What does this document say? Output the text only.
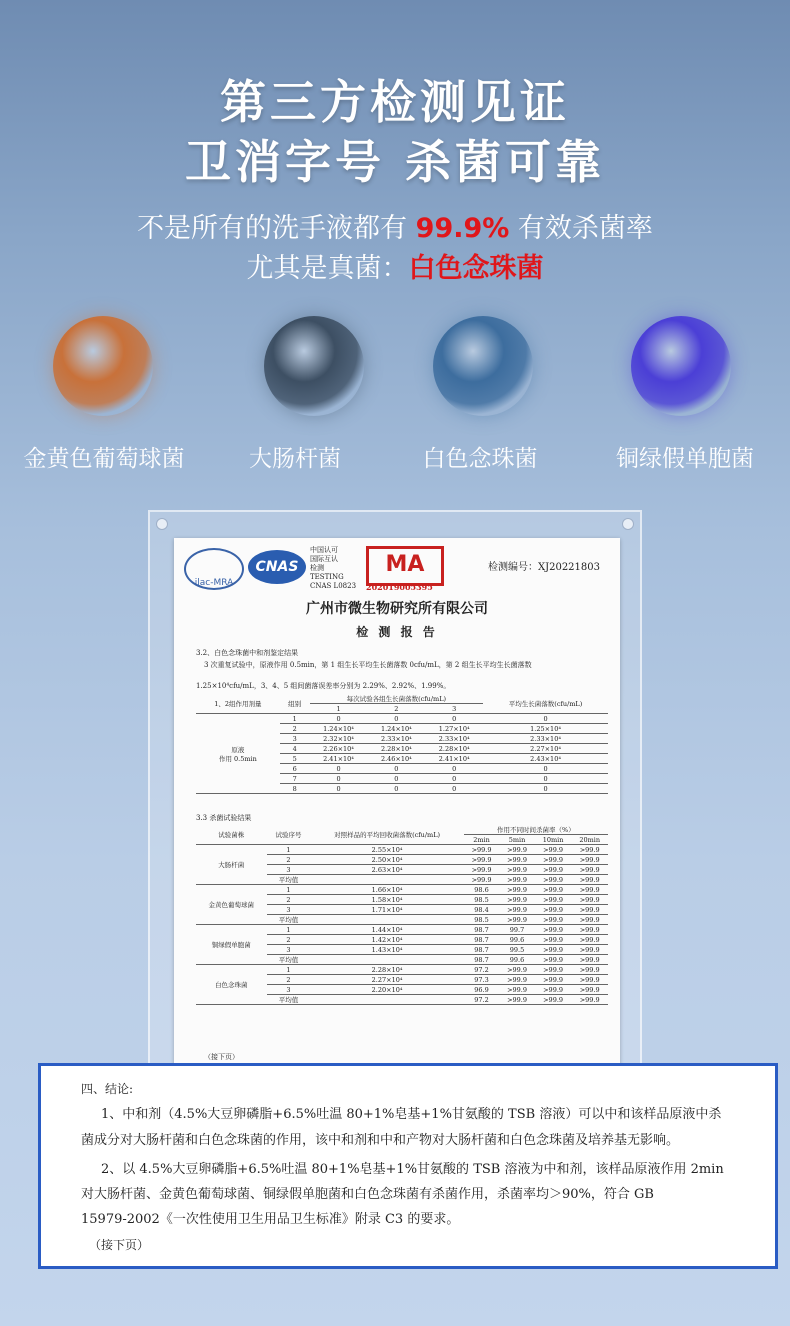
第三方检测见证
卫消字号 杀菌可靠
不是所有的洗手液都有 99.9% 有效杀菌率
尤其是真菌：白色念珠菌
金黄色葡萄球菌	大肠杆菌	白色念珠菌	铜绿假单胞菌
ilac-MRA
CNAS
中国认可
国际互认
检测
TESTING
CNAS L0823
MA
202019005395
检测编号：XJ20221803
广州市微生物研究所有限公司
检 测 报 告
3.2、白色念珠菌中和剂鉴定结果
3 次重复试验中，原液作用 0.5min，第 1 组生长平均生长菌落数 0cfu/mL，第 2 组生长平均生长菌落数
1.25×10⁴cfu/mL，3、4、5 组间菌落误差率分别为 2.29%、2.92%、1.99%。
1、2组作用剂量	组别	每次试验各组生长菌落数(cfu/mL)			平均生长菌落数(cfu/mL)
		1	2	3	

原液
作用 0.5min	1	0	0	0	0
	2	1.24×10⁴	1.24×10⁴	1.27×10⁴	1.25×10⁴
	3	2.32×10⁴	2.33×10⁴	2.33×10⁴	2.33×10⁴
	4	2.26×10⁴	2.28×10⁴	2.28×10⁴	2.27×10⁴
	5	2.41×10⁴	2.46×10⁴	2.41×10⁴	2.43×10⁴
	6	0	0	0	0
	7	0	0	0	0
	8	0	0	0	0
3.3 杀菌试验结果
试验菌株	试验序号	对照样品的平均回收菌落数(cfu/mL)	作用不同时间杀菌率（%）			
			2min	5min	10min	20min
大肠杆菌	1	2.55×10⁴	>99.9	>99.9	>99.9	>99.9
	2	2.50×10⁴	>99.9	>99.9	>99.9	>99.9
	3	2.63×10⁴	>99.9	>99.9	>99.9	>99.9
	平均值		>99.9	>99.9	>99.9	>99.9
金黄色葡萄球菌	1	1.66×10⁴	98.6	>99.9	>99.9	>99.9
	2	1.58×10⁴	98.5	>99.9	>99.9	>99.9
	3	1.71×10⁴	98.4	>99.9	>99.9	>99.9
	平均值		98.5	>99.9	>99.9	>99.9
铜绿假单胞菌	1	1.44×10⁴	98.7	99.7	>99.9	>99.9
	2	1.42×10⁴	98.7	99.6	>99.9	>99.9
	3	1.43×10⁴	98.7	99.5	>99.9	>99.9
	平均值		98.7	99.6	>99.9	>99.9
白色念珠菌	1	2.28×10⁴	97.2	>99.9	>99.9	>99.9
	2	2.27×10⁴	97.3	>99.9	>99.9	>99.9
	3	2.20×10⁴	96.9	>99.9	>99.9	>99.9
	平均值		97.2	>99.9	>99.9	>99.9
（接下页）
四、结论:
1、中和剂（4.5%大豆卵磷脂+6.5%吐温 80+1%皂基+1%甘氨酸的 TSB 溶液）可以中和该样品原液中杀
菌成分对大肠杆菌和白色念珠菌的作用，该中和剂和中和产物对大肠杆菌和白色念珠菌及培养基无影响。
2、以 4.5%大豆卵磷脂+6.5%吐温 80+1%皂基+1%甘氨酸的 TSB 溶液为中和剂，该样品原液作用 2min
对大肠杆菌、金黄色葡萄球菌、铜绿假单胞菌和白色念珠菌有杀菌作用，杀菌率均＞90%，符合 GB
15979-2002《一次性使用卫生用品卫生标准》附录 C3 的要求。
（接下页）
